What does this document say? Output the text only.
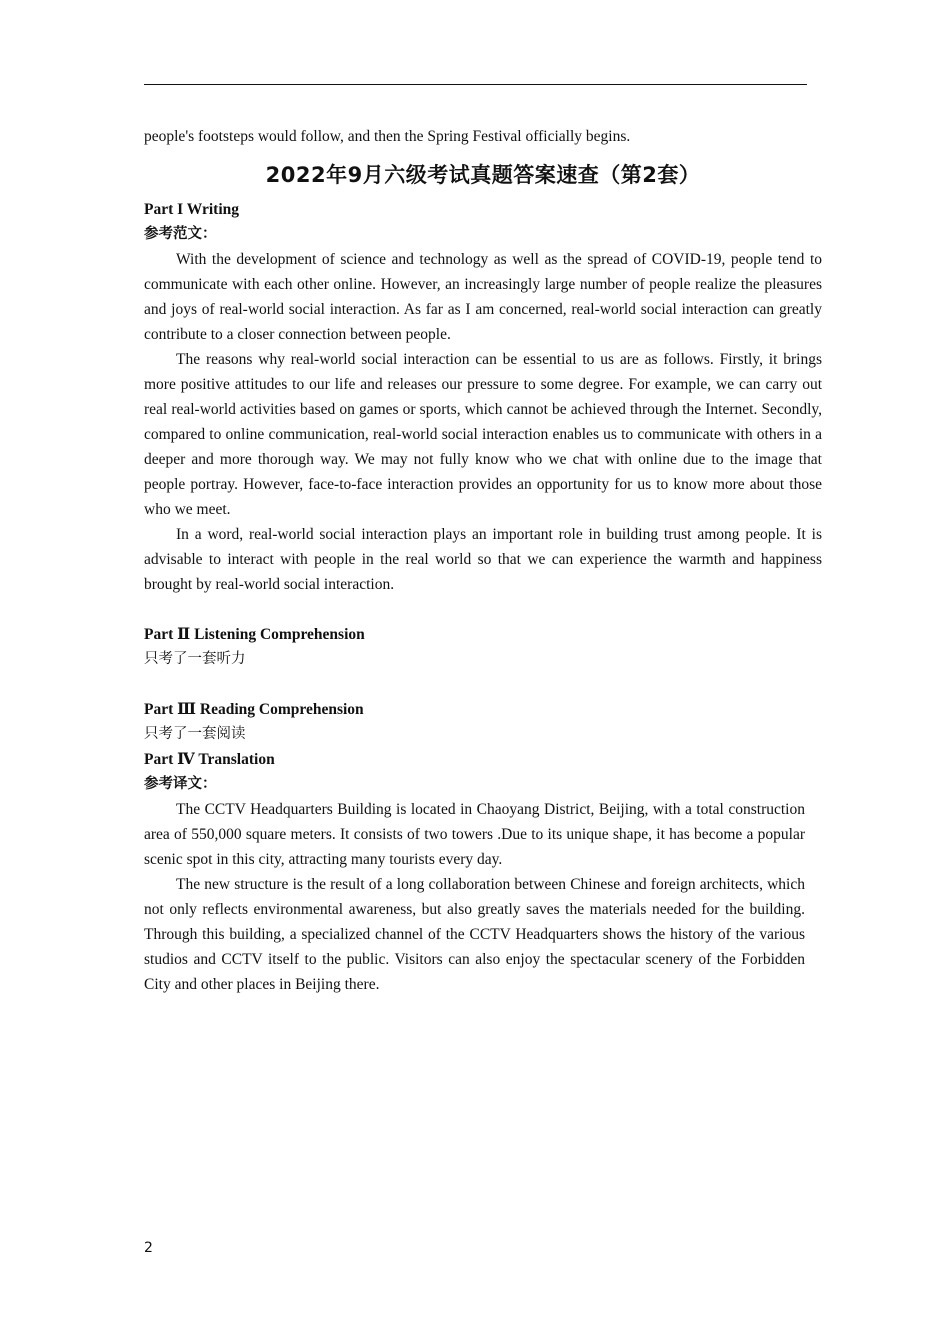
people's footsteps would follow, and then the Spring Festival officially begins.

2022年9月六级考试真题答案速查（第2套）

Part I Writing

参考范文：

With the development of science and technology as well as the spread of COVID-19, people tend to communicate with each other online. However, an increasingly large number of people realize the pleasures and joys of real-world social interaction. As far as I am concerned, real-world social interaction can greatly contribute to a closer connection between people.

The reasons why real-world social interaction can be essential to us are as follows. Firstly, it brings more positive attitudes to our life and releases our pressure to some degree. For example, we can carry out real real-world activities based on games or sports, which cannot be achieved through the Internet. Secondly, compared to online communication, real-world social interaction enables us to communicate with others in a deeper and more thorough way. We may not fully know who we chat with online due to the image that people portray. However, face-to-face interaction provides an opportunity for us to know more about those who we meet.

In a word, real-world social interaction plays an important role in building trust among people. It is advisable to interact with people in the real world so that we can experience the warmth and happiness brought by real-world social interaction.

Part Ⅱ Listening Comprehension

只考了一套听力

Part Ⅲ Reading Comprehension

只考了一套阅读

Part Ⅳ Translation

参考译文：

The CCTV Headquarters Building is located in Chaoyang District, Beijing, with a total construction area of 550,000 square meters. It consists of two towers .Due to its unique shape, it has become a popular scenic spot in this city, attracting many tourists every day.

The new structure is the result of a long collaboration between Chinese and foreign architects, which not only reflects environmental awareness, but also greatly saves the materials needed for the building. Through this building, a specialized channel of the CCTV Headquarters shows the history of the various studios and CCTV itself to the public. Visitors can also enjoy the spectacular scenery of the Forbidden City and other places in Beijing there.

2
